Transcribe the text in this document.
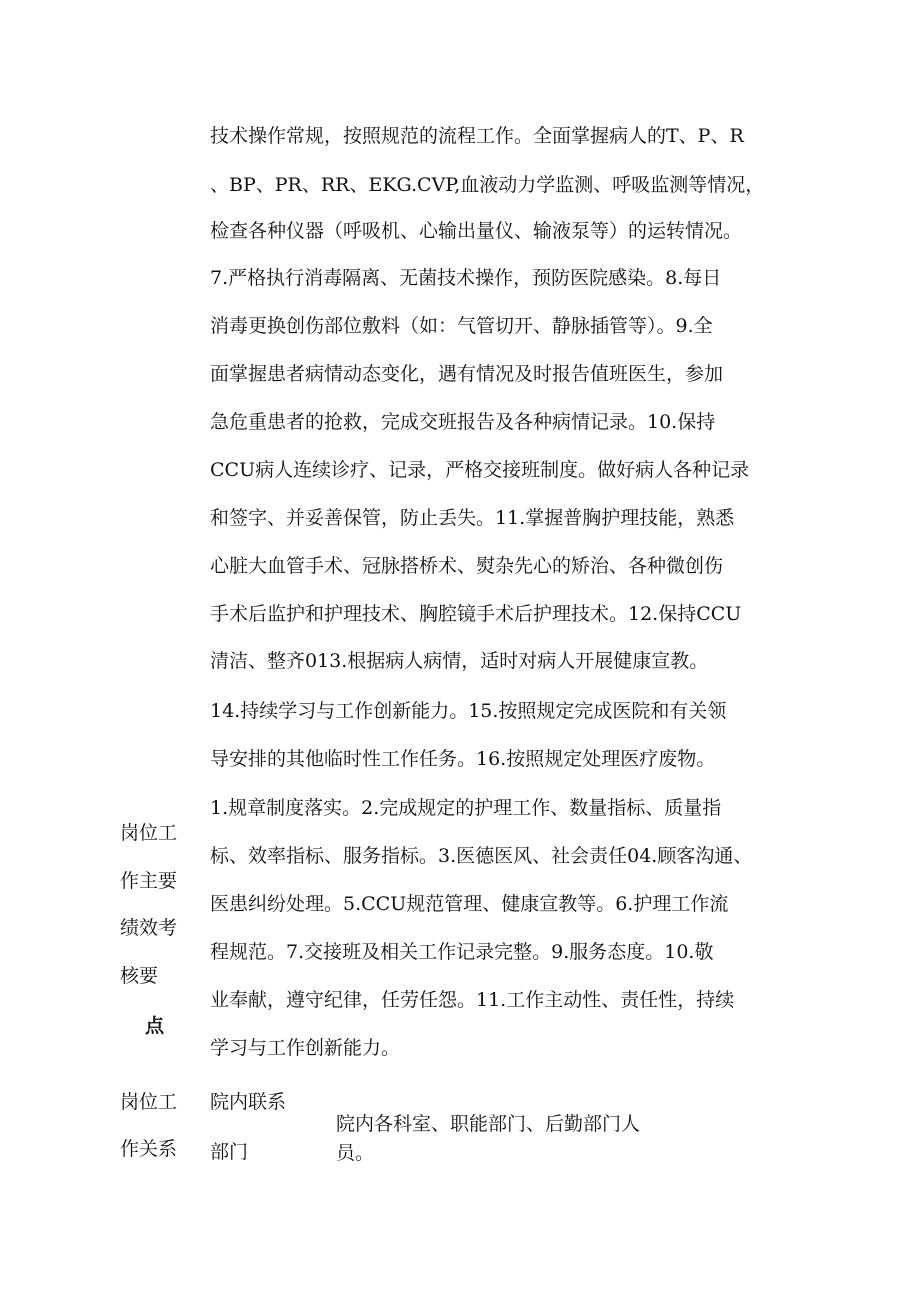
技术操作常规，按照规范的流程工作。全面掌握病人的T、P、R
、BP、PR、RR、EKG.CVP,血液动力学监测、呼吸监测等情况，
检查各种仪器（呼吸机、心输出量仪、输液泵等）的运转情况。
7.严格执行消毒隔离、无菌技术操作，预防医院感染。8.每日
消毒更换创伤部位敷料（如：气管切开、静脉插管等）。9.全
面掌握患者病情动态变化，遇有情况及时报告值班医生，参加
急危重患者的抢救，完成交班报告及各种病情记录。10.保持
CCU病人连续诊疗、记录，严格交接班制度。做好病人各种记录
和签字、并妥善保管，防止丢失。11.掌握普胸护理技能，熟悉
心脏大血管手术、冠脉搭桥术、熨杂先心的矫治、各种微创伤
手术后监护和护理技术、胸腔镜手术后护理技术。12.保持CCU
清洁、整齐013.根据病人病情，适时对病人开展健康宣教。
14.持续学习与工作创新能力。15.按照规定完成医院和有关领
导安排的其他临时性工作任务。16.按照规定处理医疗废物。
岗位工
作主要
绩效考
核要
点
1.规章制度落实。2.完成规定的护理工作、数量指标、质量指
标、效率指标、服务指标。3.医德医风、社会责任04.顾客沟通、
医患纠纷处理。5.CCU规范管理、健康宣教等。6.护理工作流
程规范。7.交接班及相关工作记录完整。9.服务态度。10.敬
业奉献，遵守纪律，任劳任怨。11.工作主动性、责任性，持续
学习与工作创新能力。
岗位工
作关系
院内联系
部门
院内各科室、职能部门、后勤部门人
员。
